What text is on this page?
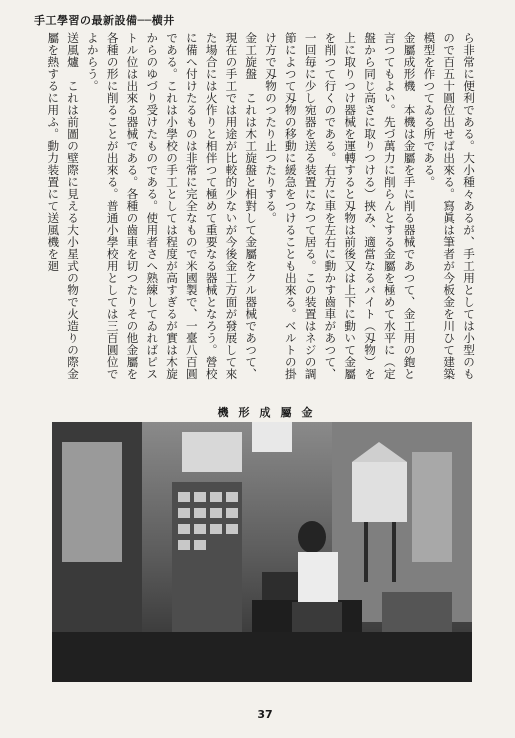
手工學習の最新設備──横井

ら非常に便利である。大小種々あるが、手工用としては小型のもので百五十圓位出せば出來る。寫眞は筆者が今板金を川ひて建築模型を作つてゐる所である。

金屬成形機　本機は金屬を手に削る器械であつて、金工用の鉋と言つてもよい。先づ萬力に削らんとする金屬を極めて水平に（定盤から同じ高さに取りつける）挾み、適當なるバイト（刄物）を上に取りつけ器械を運轉すると刄物は前後又は上下に動いて金屬を削つて行くのである。右方に車を左右に動かす齒車があつて、一回毎に少し宛器を送る装置になつて居る。この装置はネジの調節によつて刄物の移動に緩急をつけることも出來る。ベルトの掛け方で刄物のつたり止つたりする。

金工旋盤　これは木工旋盤と相對して金屬をクル器械であつて、現在の手工では用途が比較的少ないが今後金工方面が發展して來た場合には火作りと相伴つて極めて重要なる器械となろう。營校に備へ付けたるものは非常に完全なもので米國製で、一臺八百圓である。これは小學校の手工としては程度が高すぎるが實は木旋からのゆづり受けたものである。使用者さへ熟練してゐればピストル位は出來る器械である。各種の齒車を切つたりその他金屬を各種の形に削ることが出來る。普通小學校用としては三百圓位でよからう。

送風爐　これは前圖の壁際に見える大小星式の物で火造りの際金屬を熱するに用ふ。動力装置にて送風機を廻

機形成屬金
37
